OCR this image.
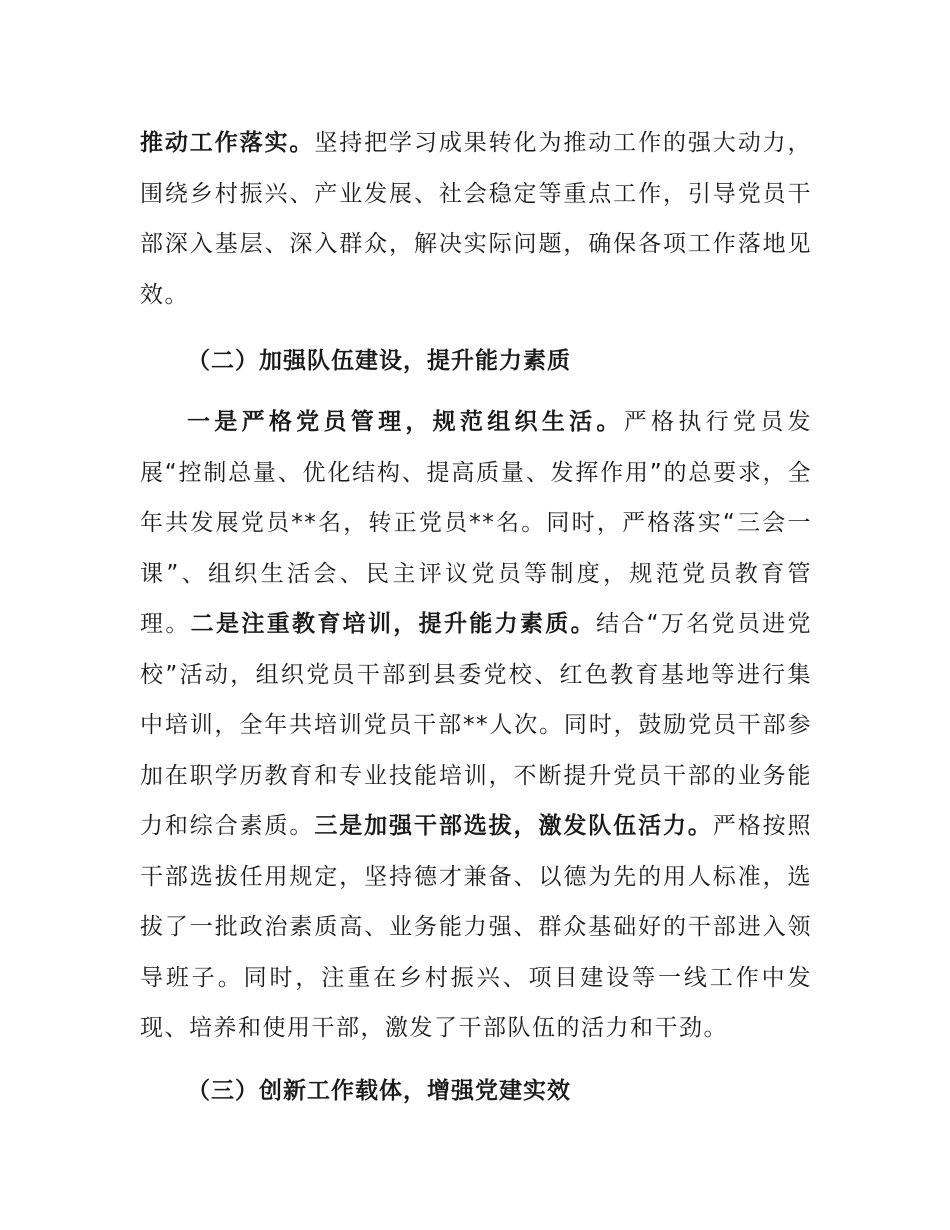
推动工作落实。坚持把学习成果转化为推动工作的强大动力，围绕乡村振兴、产业发展、社会稳定等重点工作，引导党员干部深入基层、深入群众，解决实际问题，确保各项工作落地见效。

（二）加强队伍建设，提升能力素质

一是严格党员管理，规范组织生活。严格执行党员发展“控制总量、优化结构、提高质量、发挥作用”的总要求，全年共发展党员**名，转正党员**名。同时，严格落实“三会一课”、组织生活会、民主评议党员等制度，规范党员教育管理。二是注重教育培训，提升能力素质。结合“万名党员进党校”活动，组织党员干部到县委党校、红色教育基地等进行集中培训，全年共培训党员干部**人次。同时，鼓励党员干部参加在职学历教育和专业技能培训，不断提升党员干部的业务能力和综合素质。三是加强干部选拔，激发队伍活力。严格按照干部选拔任用规定，坚持德才兼备、以德为先的用人标准，选拔了一批政治素质高、业务能力强、群众基础好的干部进入领导班子。同时，注重在乡村振兴、项目建设等一线工作中发现、培养和使用干部，激发了干部队伍的活力和干劲。

（三）创新工作载体，增强党建实效
